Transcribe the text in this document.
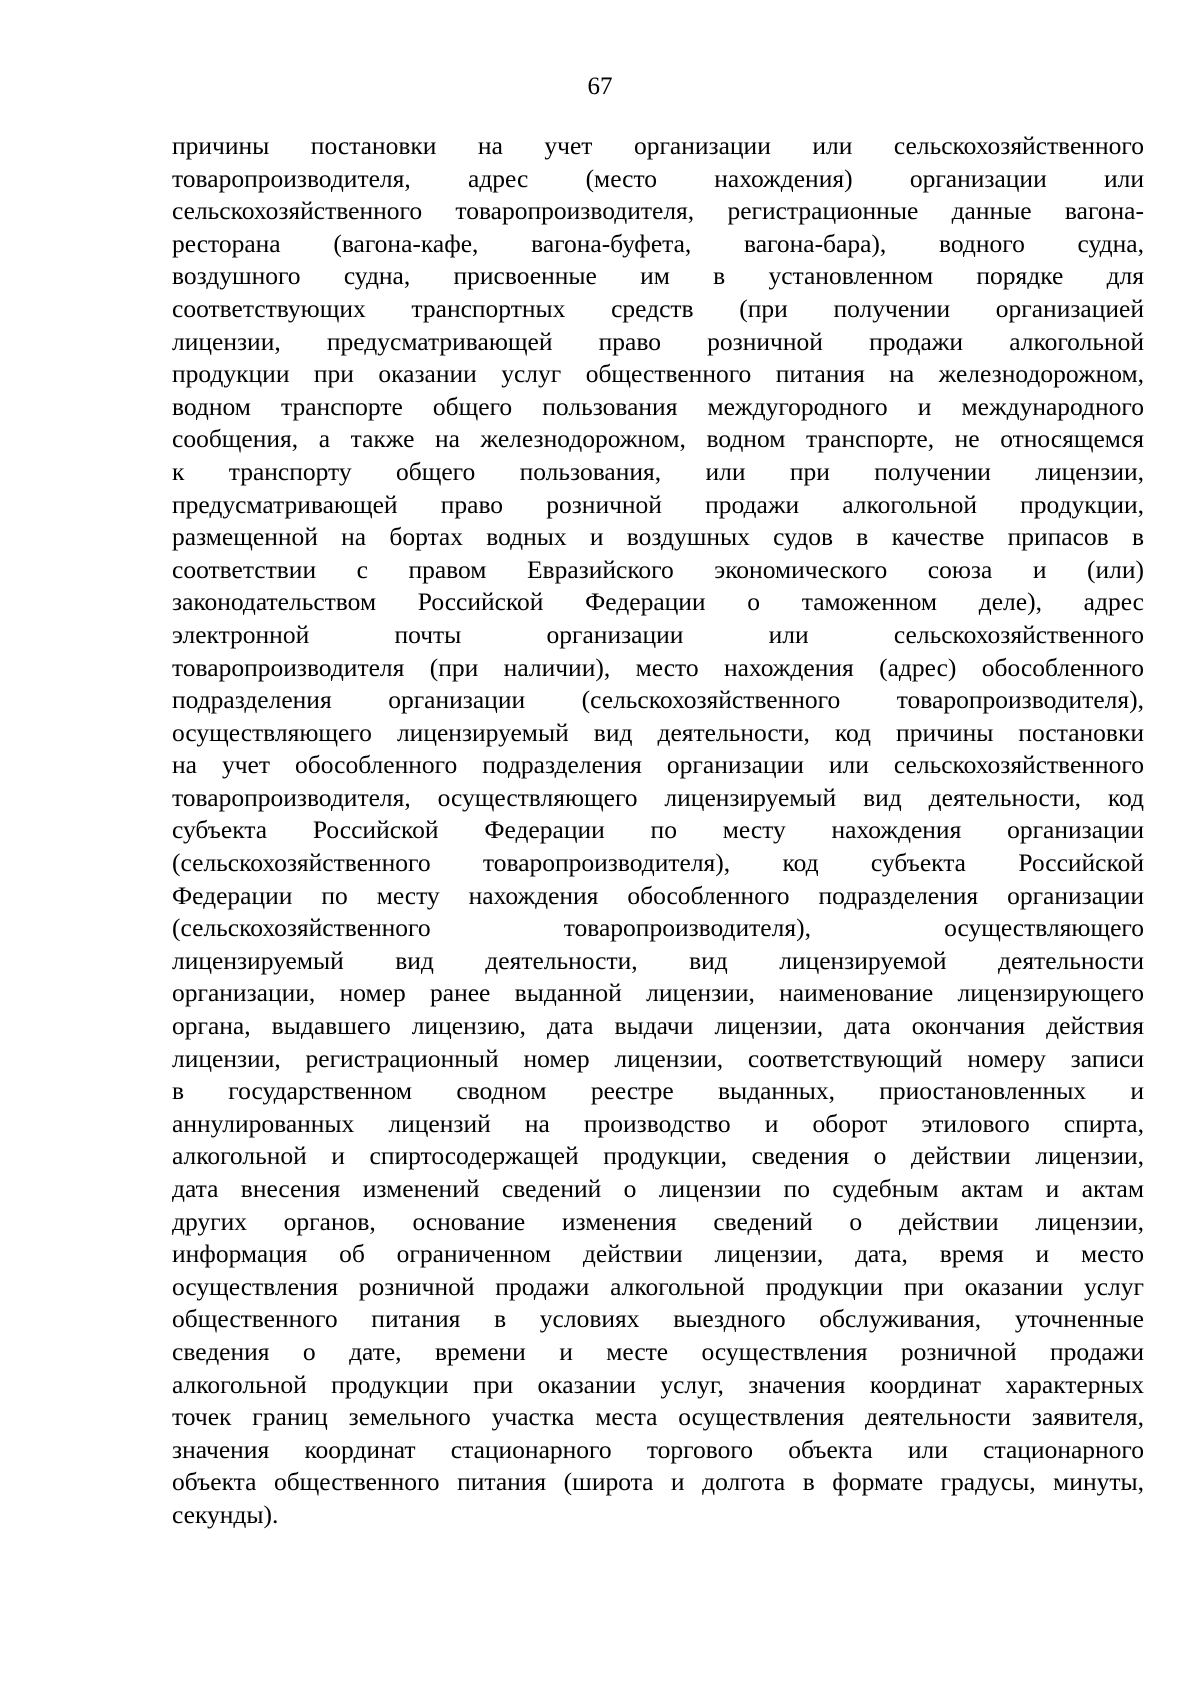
67
причины постановки на учет организации или сельскохозяйственного
товаропроизводителя, адрес (место нахождения) организации или
сельскохозяйственного товаропроизводителя, регистрационные данные вагона-
ресторана (вагона-кафе, вагона-буфета, вагона-бара), водного судна,
воздушного судна, присвоенные им в установленном порядке для
соответствующих транспортных средств (при получении организацией
лицензии, предусматривающей право розничной продажи алкогольной
продукции при оказании услуг общественного питания на железнодорожном,
водном транспорте общего пользования междугородного и международного
сообщения, а также на железнодорожном, водном транспорте, не относящемся
к транспорту общего пользования, или при получении лицензии,
предусматривающей право розничной продажи алкогольной продукции,
размещенной на бортах водных и воздушных судов в качестве припасов в
соответствии с правом Евразийского экономического союза и (или)
законодательством Российской Федерации о таможенном деле), адрес
электронной почты организации или сельскохозяйственного
товаропроизводителя (при наличии), место нахождения (адрес) обособленного
подразделения организации (сельскохозяйственного товаропроизводителя),
осуществляющего лицензируемый вид деятельности, код причины постановки
на учет обособленного подразделения организации или сельскохозяйственного
товаропроизводителя, осуществляющего лицензируемый вид деятельности, код
субъекта Российской Федерации по месту нахождения организации
(сельскохозяйственного товаропроизводителя), код субъекта Российской
Федерации по месту нахождения обособленного подразделения организации
(сельскохозяйственного товаропроизводителя), осуществляющего
лицензируемый вид деятельности, вид лицензируемой деятельности
организации, номер ранее выданной лицензии, наименование лицензирующего
органа, выдавшего лицензию, дата выдачи лицензии, дата окончания действия
лицензии, регистрационный номер лицензии, соответствующий номеру записи
в государственном сводном реестре выданных, приостановленных и
аннулированных лицензий на производство и оборот этилового спирта,
алкогольной и спиртосодержащей продукции, сведения о действии лицензии,
дата внесения изменений сведений о лицензии по судебным актам и актам
других органов, основание изменения сведений о действии лицензии,
информация об ограниченном действии лицензии, дата, время и место
осуществления розничной продажи алкогольной продукции при оказании услуг
общественного питания в условиях выездного обслуживания, уточненные
сведения о дате, времени и месте осуществления розничной продажи
алкогольной продукции при оказании услуг, значения координат характерных
точек границ земельного участка места осуществления деятельности заявителя,
значения координат стационарного торгового объекта или стационарного
объекта общественного питания (широта и долгота в формате градусы, минуты,
секунды).
